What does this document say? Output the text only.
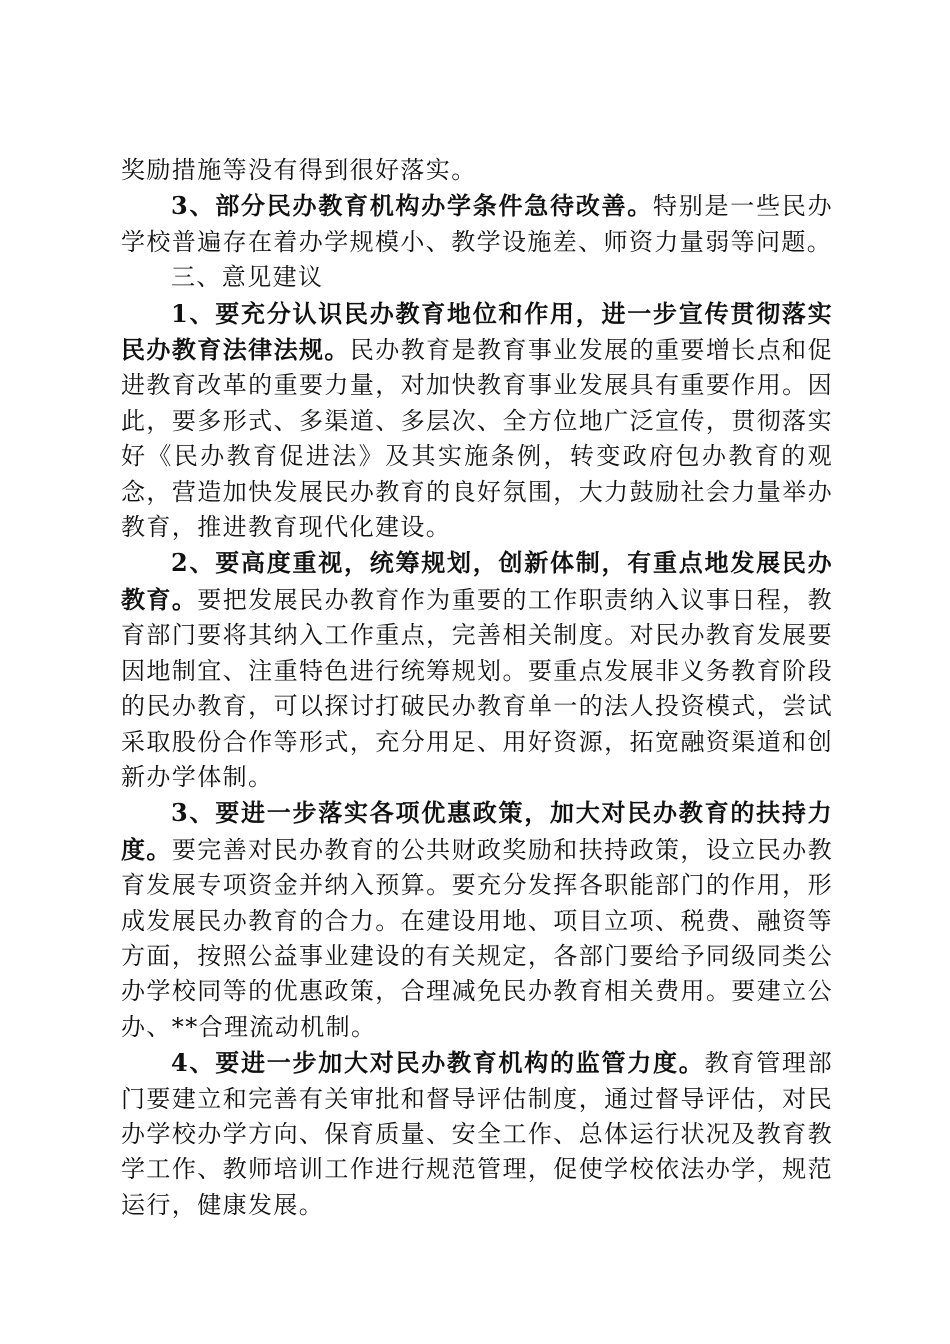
奖励措施等没有得到很好落实。

3、部分民办教育机构办学条件急待改善。特别是一些民办学校普遍存在着办学规模小、教学设施差、师资力量弱等问题。

三、意见建议

1、要充分认识民办教育地位和作用，进一步宣传贯彻落实民办教育法律法规。民办教育是教育事业发展的重要增长点和促进教育改革的重要力量，对加快教育事业发展具有重要作用。因此，要多形式、多渠道、多层次、全方位地广泛宣传，贯彻落实好《民办教育促进法》及其实施条例，转变政府包办教育的观念，营造加快发展民办教育的良好氛围，大力鼓励社会力量举办教育，推进教育现代化建设。

2、要高度重视，统筹规划，创新体制，有重点地发展民办教育。要把发展民办教育作为重要的工作职责纳入议事日程，教育部门要将其纳入工作重点，完善相关制度。对民办教育发展要因地制宜、注重特色进行统筹规划。要重点发展非义务教育阶段的民办教育，可以探讨打破民办教育单一的法人投资模式，尝试采取股份合作等形式，充分用足、用好资源，拓宽融资渠道和创新办学体制。

3、要进一步落实各项优惠政策，加大对民办教育的扶持力度。要完善对民办教育的公共财政奖励和扶持政策，设立民办教育发展专项资金并纳入预算。要充分发挥各职能部门的作用，形成发展民办教育的合力。在建设用地、项目立项、税费、融资等方面，按照公益事业建设的有关规定，各部门要给予同级同类公办学校同等的优惠政策，合理减免民办教育相关费用。要建立公办、**合理流动机制。

4、要进一步加大对民办教育机构的监管力度。教育管理部门要建立和完善有关审批和督导评估制度，通过督导评估，对民办学校办学方向、保育质量、安全工作、总体运行状况及教育教学工作、教师培训工作进行规范管理，促使学校依法办学，规范运行，健康发展。
